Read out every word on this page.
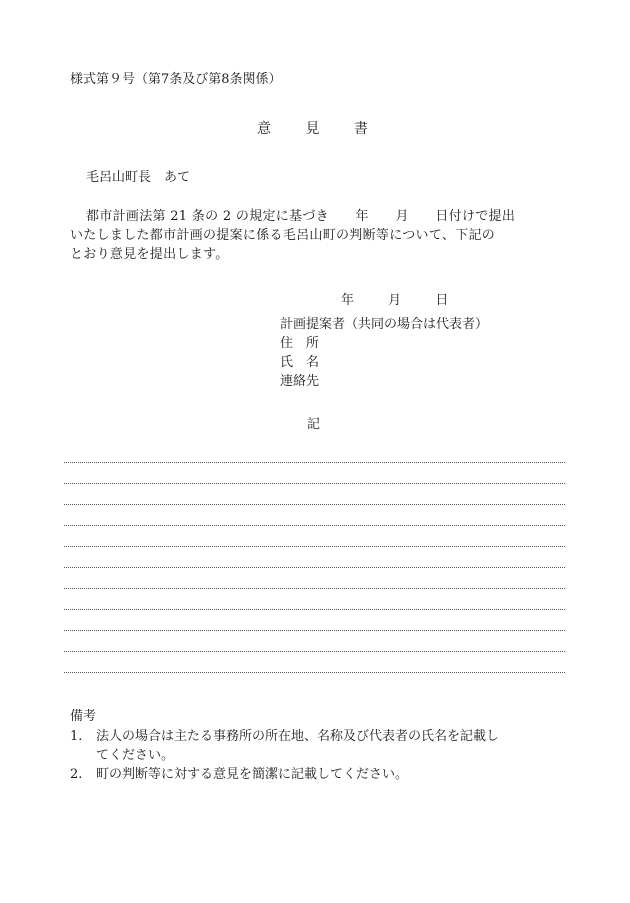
様式第９号（第7条及び第8条関係）
意 見 書
毛呂山町長　あて
都市計画法第 21 条の 2 の規定に基づき　　年　　月　　日付けで提出
いたしました都市計画の提案に係る毛呂山町の判断等について、下記の
とおり意見を提出します。
年	月	日
計画提案者（共同の場合は代表者）
住　所
氏　名
連絡先
記
備考
1.	法人の場合は主たる事務所の所在地、名称及び代表者の氏名を記載し
てください。
2.	町の判断等に対する意見を簡潔に記載してください。
